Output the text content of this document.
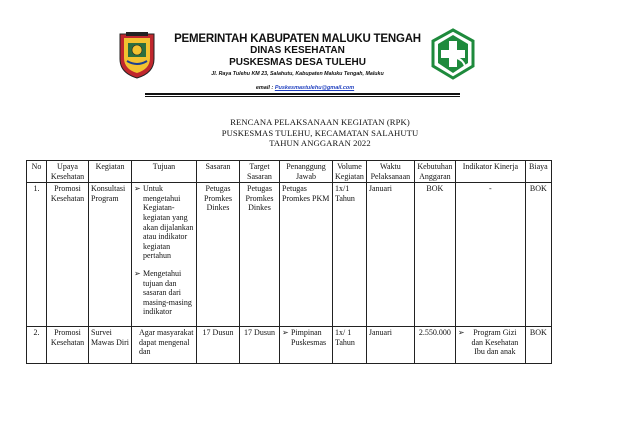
PEMERINTAH KABUPATEN MALUKU TENGAH
DINAS KESEHATAN
PUSKESMAS DESA TULEHU
Jl. Raya Tulehu KM 23, Salahutu, Kabupaten Maluku Tengah, Maluku
email : Puskesmastulehu@gmail.com
RENCANA PELAKSANAAN KEGIATAN (RPK)
PUSKESMAS TULEHU, KECAMATAN SALAHUTU
TAHUN ANGGARAN 2022
No	Upaya Kesehatan	Kegiatan	Tujuan	Sasaran	Target Sasaran	Penanggung Jawab	Volume Kegiatan	Waktu Pelaksanaan	Kebutuhan Anggaran	Indikator Kinerja	Biaya
1.	Promosi Kesehatan	Konsultasi Program	➢ Untuk mengetahui Kegiatan-kegiatan yang akan dijalankan atau indikator kegiatan pertahun
➢ Mengetahui tujuan dan sasaran dari masing-masing indikator	Petugas Promkes Dinkes	Petugas Promkes Dinkes	Petugas Promkes PKM	1x/1 Tahun	Januari	BOK	-	BOK
2.	Promosi Kesehatan	Survei Mawas Diri	Agar masyarakat dapat mengenal dan	17 Dusun	17 Dusun	➢ Pimpinan Puskesmas	1x/ 1 Tahun	Januari	2.550.000	➢ Program Gizi dan Kesehatan Ibu dan anak	BOK
